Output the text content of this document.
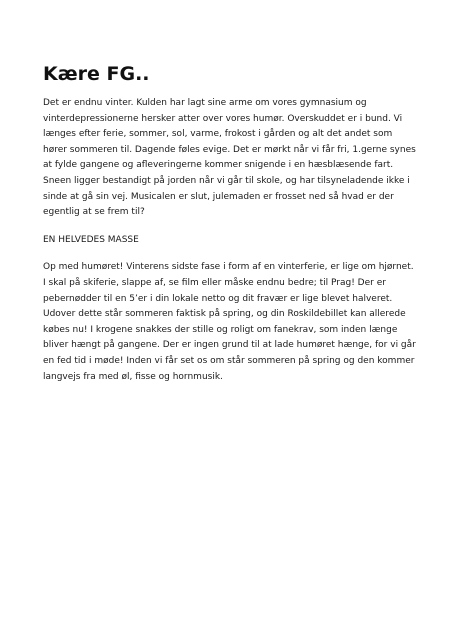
Kære FG..

Det er endnu vinter. Kulden har lagt sine arme om vores gymnasium og vinterdepressionerne hersker atter over vores humør. Overskuddet er i bund. Vi længes efter ferie, sommer, sol, varme, frokost i gården og alt det andet som hører sommeren til. Dagende føles evige. Det er mørkt når vi får fri, 1.gerne synes at fylde gangene og afleveringerne kommer snigende i en hæsblæsende fart. Sneen ligger bestandigt på jorden når vi går til skole, og har tilsyneladende ikke i sinde at gå sin vej. Musicalen er slut, julemaden er frosset ned så hvad er der egentlig at se frem til?

EN HELVEDES MASSE

Op med humøret! Vinterens sidste fase i form af en vinterferie, er lige om hjørnet. I skal på skiferie, slappe af, se film eller måske endnu bedre; til Prag! Der er pebernødder til en 5’er i din lokale netto og dit fravær er lige blevet halveret. Udover dette står sommeren faktisk på spring, og din Roskildebillet kan allerede købes nu! I krogene snakkes der stille og roligt om fanekrav, som inden længe bliver hængt på gangene. Der er ingen grund til at lade humøret hænge, for vi går en fed tid i møde! Inden vi får set os om står sommeren på spring og den kommer langvejs fra med øl, fisse og hornmusik.
